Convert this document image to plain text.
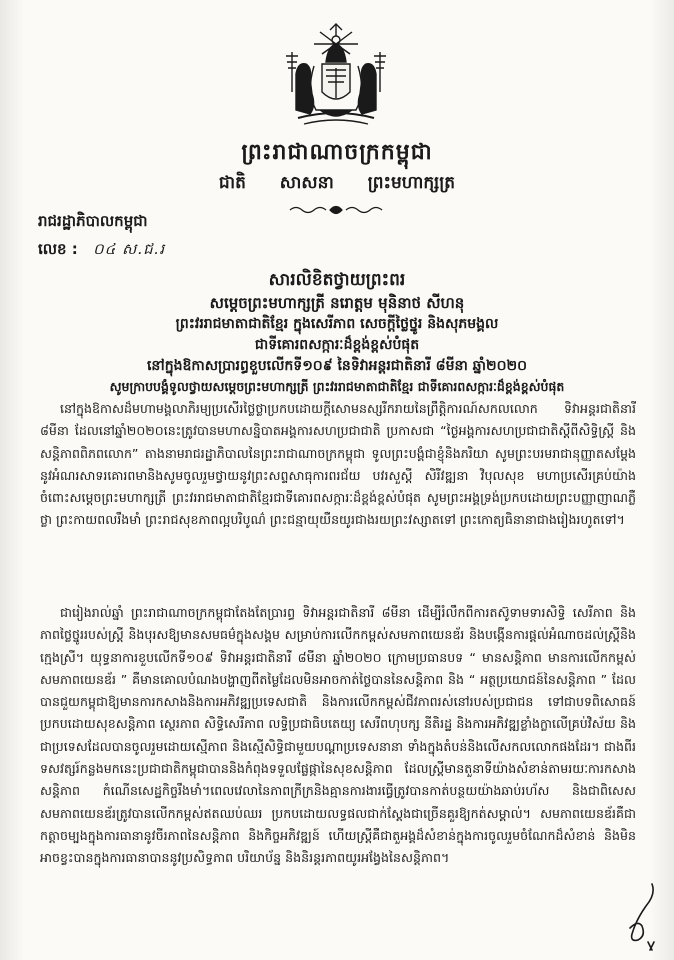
ព្រះរាជាណាចក្រកម្ពុជា
ជាតិ សាសនា ព្រះមហាក្សត្រ
រាជរដ្ឋាភិបាលកម្ពុជា
លេខ : ០៤ ស.ជ.រ
សារលិខិតថ្វាយព្រះពរ
សម្តេចព្រះមហាក្សត្រី នរោត្តម មុនិនាថ សីហនុ
ព្រះវររាជមាតាជាតិខ្មែរ ក្នុងសេរីភាព សេចក្តីថ្លៃថ្នូរ និងសុភមង្គល
ជាទីគោរពសក្ការៈដ៏ខ្ពង់ខ្ពស់បំផុត
នៅក្នុងឱកាសប្រារព្ធខួបលើកទី១០៩ នៃទិវាអន្តរជាតិនារី ៨មីនា ឆ្នាំ២០២០
សូមក្រាបបង្គំទូលថ្វាយសម្តេចព្រះមហាក្សត្រី ព្រះវររាជមាតាជាតិខ្មែរ ជាទីគោរពសក្ការៈដ៏ខ្ពង់ខ្ពស់បំផុត
នៅក្នុងឱកាសដ៏មហាមង្គលាភិរម្យប្រសើរថ្លៃថ្លាប្រកបដោយក្តីសោមនស្សរីករាយនៃព្រឹត្តិការណ៍សកលលោក ទិវាអន្តរជាតិនារី ៨មីនា ដែលនៅឆ្នាំ២០២០នេះត្រូវបានមហាសន្និបាតអង្គការសហប្រជាជាតិ ប្រកាសជា “ថ្ងៃអង្គការសហប្រជាជាតិស្តីពីសិទ្ធិស្ត្រី និងសន្តិភាពពិភពលោក” តាងនាមរាជរដ្ឋាភិបាលនៃព្រះរាជាណាចក្រកម្ពុជា ទូលព្រះបង្គំជាខ្ញុំនិងភរិយា សូមព្រះបរមរាជានុញ្ញាតសម្តែងនូវអំណរសាទរគោរពមានិងសូមចូលរួមថ្វាយនូវព្រះសព្ទសាធុការពរជ័យ បវរសួស្តី សិរីវឌ្ឍនា វិបុលសុខ មហាប្រសើរគ្រប់យ៉ាង ចំពោះសម្តេចព្រះមហាក្សត្រី ព្រះវររាជមាតាជាតិខ្មែរជាទីគោរពសក្ការៈដ៏ខ្ពង់ខ្ពស់បំផុត សូមព្រះអង្គទ្រង់ប្រកបដោយព្រះបញ្ញាញាណភ្លឺថ្លា ព្រះកាយពលរឹងមាំ ព្រះរាជសុខភាពល្អបរិបូណ៌ ព្រះជន្មាយុយឺនយូរជាងរយព្រះវស្សាតទៅ ព្រះកោត្យធិនានាជាងរៀងរហូតទៅ។
ជារៀងរាល់ឆ្នាំ ព្រះរាជាណាចក្រកម្ពុជាតែងតែប្រារព្ធ ទិវាអន្តរជាតិនារី ៨មីនា ដើម្បីរំលឹកពីការតស៊ូទាមទារសិទ្ធិ សេរីភាព និងភាពថ្លៃថ្នូររបស់ស្ត្រី និងបុរសឱ្យមានសមធម៌ក្នុងសង្គម សម្រាប់ការលើកកម្ពស់សមភាពយេនឌ័រ និងបង្កើនការផ្តល់អំណាចដល់ស្ត្រីនិងក្មេងស្រី។ យុទ្ធនាការខួបលើកទី១០៩ ទិវាអន្តរជាតិនារី ៨មីនា ឆ្នាំ២០២០ ក្រោមប្រធានបទ “ មានសន្តិភាព មានការលើកកម្ពស់សមភាពយេនឌ័រ ” គឺមានគោលបំណងបង្ហាញពីតម្លៃដែលមិនអាចកាត់ថ្លៃបាននៃសន្តិភាព និង “ អត្ថប្រយោជន៍នៃសន្តិភាព ” ដែលបានជួយកម្ពុជាឱ្យមានការកសាងនិងការអភិវឌ្ឍប្រទេសជាតិ និងការលើកកម្ពស់ជីវភាពរស់នៅរបស់ប្រជាជន ទៅជាបទពិសោធន៍ប្រកបដោយសុខសន្តិភាព ស្ថេរភាព សិទ្ធិសេរីភាព លទ្ធិប្រជាធិបតេយ្យ សេរីពហុបក្ស នីតិរដ្ឋ និងការអភិវឌ្ឍខ្លាំងក្លាលើគ្រប់វិស័យ និងជាប្រទេសដែលបានចូលរួមដោយស្មើភាព និងស្មើសិទ្ធិជាមួយបណ្តាប្រទេសនានា ទាំងក្នុងតំបន់និងលើសកលលោកផងដែរ។ ជាងពីរទសវត្សរ៍កន្លងមកនេះប្រជាជាតិកម្ពុជាបាននិងកំពុងទទួលផ្លែផ្កានៃសុខសន្តិភាព ដែលស្ត្រីមានតួនាទីយ៉ាងសំខាន់តាមរយៈការកសាងសន្តិភាព កំណើនសេដ្ឋកិច្ចរឹងមាំ។ពេលវេលានៃភាពក្រីក្រនិងគ្មានការងារធ្វើត្រូវបានកាត់បន្ថយយ៉ាងឆាប់រហ័ស និងជាពិសេស សមភាពយេនឌ័រត្រូវបានលើកកម្ពស់ឥតឈប់ឈរ ប្រកបដោយលទ្ធផលជាក់ស្តែងជាច្រើនគួរឱ្យកត់សម្គាល់។ សមភាពយេនឌ័រគឺជាកត្តាចម្បងក្នុងការធានានូវចីរភាពនៃសន្តិភាព និងកិច្ចអភិវឌ្ឍន៍ ហើយស្ត្រីគឺជាតួអង្គដ៏សំខាន់ក្នុងការចូលរួមចំណែកដ៏សំខាន់ និងមិនអាចខ្វះបានក្នុងការធានាបាននូវប្រសិទ្ធភាព បរិយាប័ន្ន និងនិរន្តរភាពយូរអង្វែងនៃសន្តិភាព។
